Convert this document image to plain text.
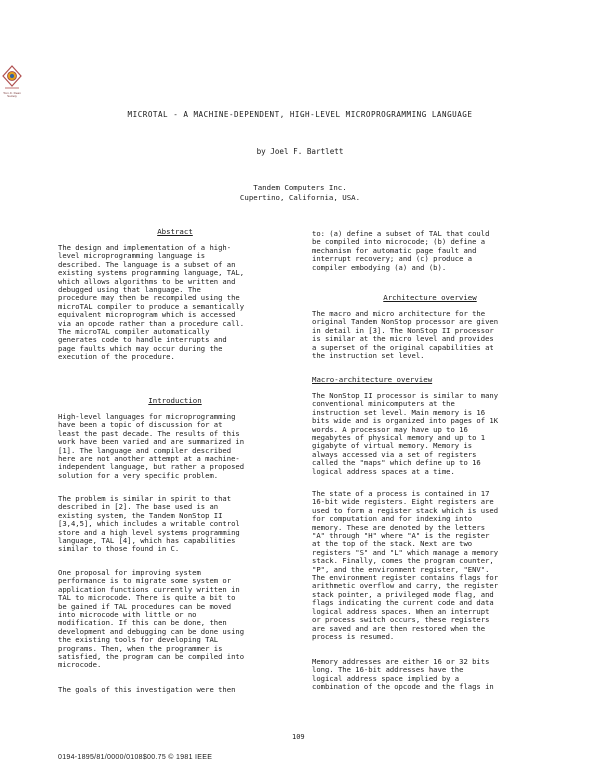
Tom Jr. Dean Society
MICROTAL - A MACHINE-DEPENDENT, HIGH-LEVEL MICROPROGRAMMING LANGUAGE
by Joel F. Bartlett
Tandem Computers Inc.
Cupertino, California, USA.
Abstract
The design and implementation of a high-
level microprogramming language is
described. The language is a subset of an
existing systems programming language, TAL,
which allows algorithms to be written and
debugged using that language. The
procedure may then be recompiled using the
microTAL compiler to produce a semantically
equivalent microprogram which is accessed
via an opcode rather than a procedure call.
The microTAL compiler automatically
generates code to handle interrupts and
page faults which may occur during the
execution of the procedure.
Introduction
High-level languages for microprogramming
have been a topic of discussion for at
least the past decade. The results of this
work have been varied and are summarized in
[1]. The language and compiler described
here are not another attempt at a machine-
independent language, but rather a proposed
solution for a very specific problem.
The problem is similar in spirit to that
described in [2]. The base used is an
existing system, the Tandem NonStop II
[3,4,5], which includes a writable control
store and a high level systems programming
language, TAL [4], which has capabilities
similar to those found in C.
One proposal for improving system
performance is to migrate some system or
application functions currently written in
TAL to microcode. There is quite a bit to
be gained if TAL procedures can be moved
into microcode with little or no
modification. If this can be done, then
development and debugging can be done using
the existing tools for developing TAL
programs. Then, when the programmer is
satisfied, the program can be compiled into
microcode.
The goals of this investigation were then
to: (a) define a subset of TAL that could
be compiled into microcode; (b) define a
mechanism for automatic page fault and
interrupt recovery; and (c) produce a
compiler embodying (a) and (b).
Architecture overview
The macro and micro architecture for the
original Tandem NonStop processor are given
in detail in [3]. The NonStop II processor
is similar at the micro level and provides
a superset of the original capabilities at
the instruction set level.
Macro-architecture overview
The NonStop II processor is similar to many
conventional minicomputers at the
instruction set level. Main memory is 16
bits wide and is organized into pages of 1K
words. A processor may have up to 16
megabytes of physical memory and up to 1
gigabyte of virtual memory. Memory is
always accessed via a set of registers
called the "maps" which define up to 16
logical address spaces at a time.
The state of a process is contained in 17
16-bit wide registers. Eight registers are
used to form a register stack which is used
for computation and for indexing into
memory. These are denoted by the letters
"A" through "H" where "A" is the register
at the top of the stack. Next are two
registers "S" and "L" which manage a memory
stack. Finally, comes the program counter,
"P", and the environment register, "ENV".
The environment register contains flags for
arithmetic overflow and carry, the register
stack pointer, a privileged mode flag, and
flags indicating the current code and data
logical address spaces. When an interrupt
or process switch occurs, these registers
are saved and are then restored when the
process is resumed.
Memory addresses are either 16 or 32 bits
long. The 16-bit addresses have the
logical address space implied by a
combination of the opcode and the flags in
109
0194-1895/81/0000/0108$00.75 © 1981 IEEE
